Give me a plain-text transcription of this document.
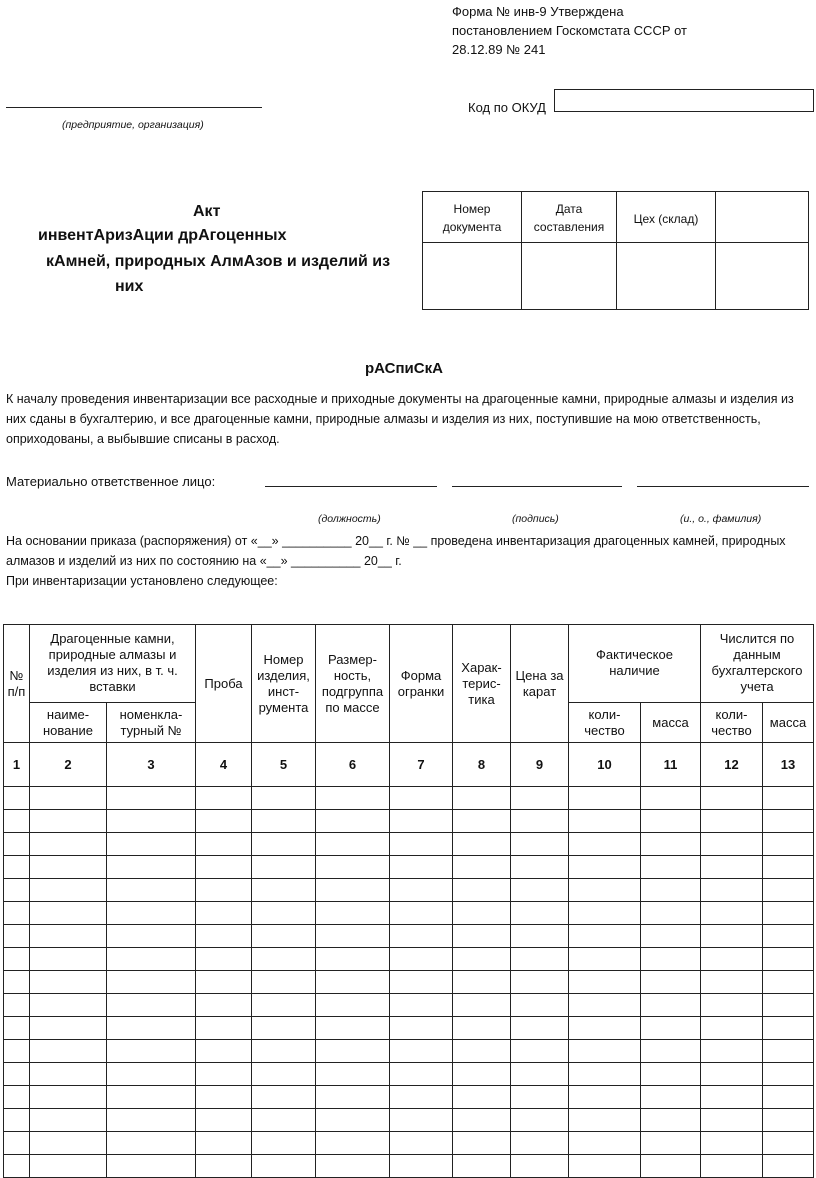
Форма № инв-9 Утверждена
постановлением Госкомстата СССР от
28.12.89 № 241
(предприятие, организация)
Код по ОКУД
Акт
инвентАризАции дрАгоценных
кАмней, природных АлмАзов и изделий из
них
Номер документа	Дата составления	Цех (склад)	

рАСпиСкА
К началу проведения инвентаризации все расходные и приходные документы на драгоценные камни, природные алмазы и изделия из них сданы в бухгалтерию, и все драгоценные камни, природные алмазы и изделия из них, поступившие на мою ответственность, оприходованы, а выбывшие списаны в расход.
Материально ответственное лицо:
(должность)	(подпись)	(и., о., фамилия)
На основании приказа (распоряжения) от «__» __________ 20__ г. № __ проведена инвентаризация драгоценных камней, природных алмазов и изделий из них по состоянию на «__» __________ 20__ г.
При инвентаризации установлено следующее:
№ п/п	Драгоценные камни, природные алмазы и изделия из них, в т. ч. вставки		Проба	Номер изделия, инст-румента	Размер-ность, подгруппа по массе	Форма огранки	Харак-терис-тика	Цена за карат	Фактическое наличие		Числится по данным бухгалтерского учета	
	наиме-нование	номенкла-турный №							коли-чество	масса	коли-чество	масса
1	2	3	4	5	6	7	8	9	10	11	12	13
